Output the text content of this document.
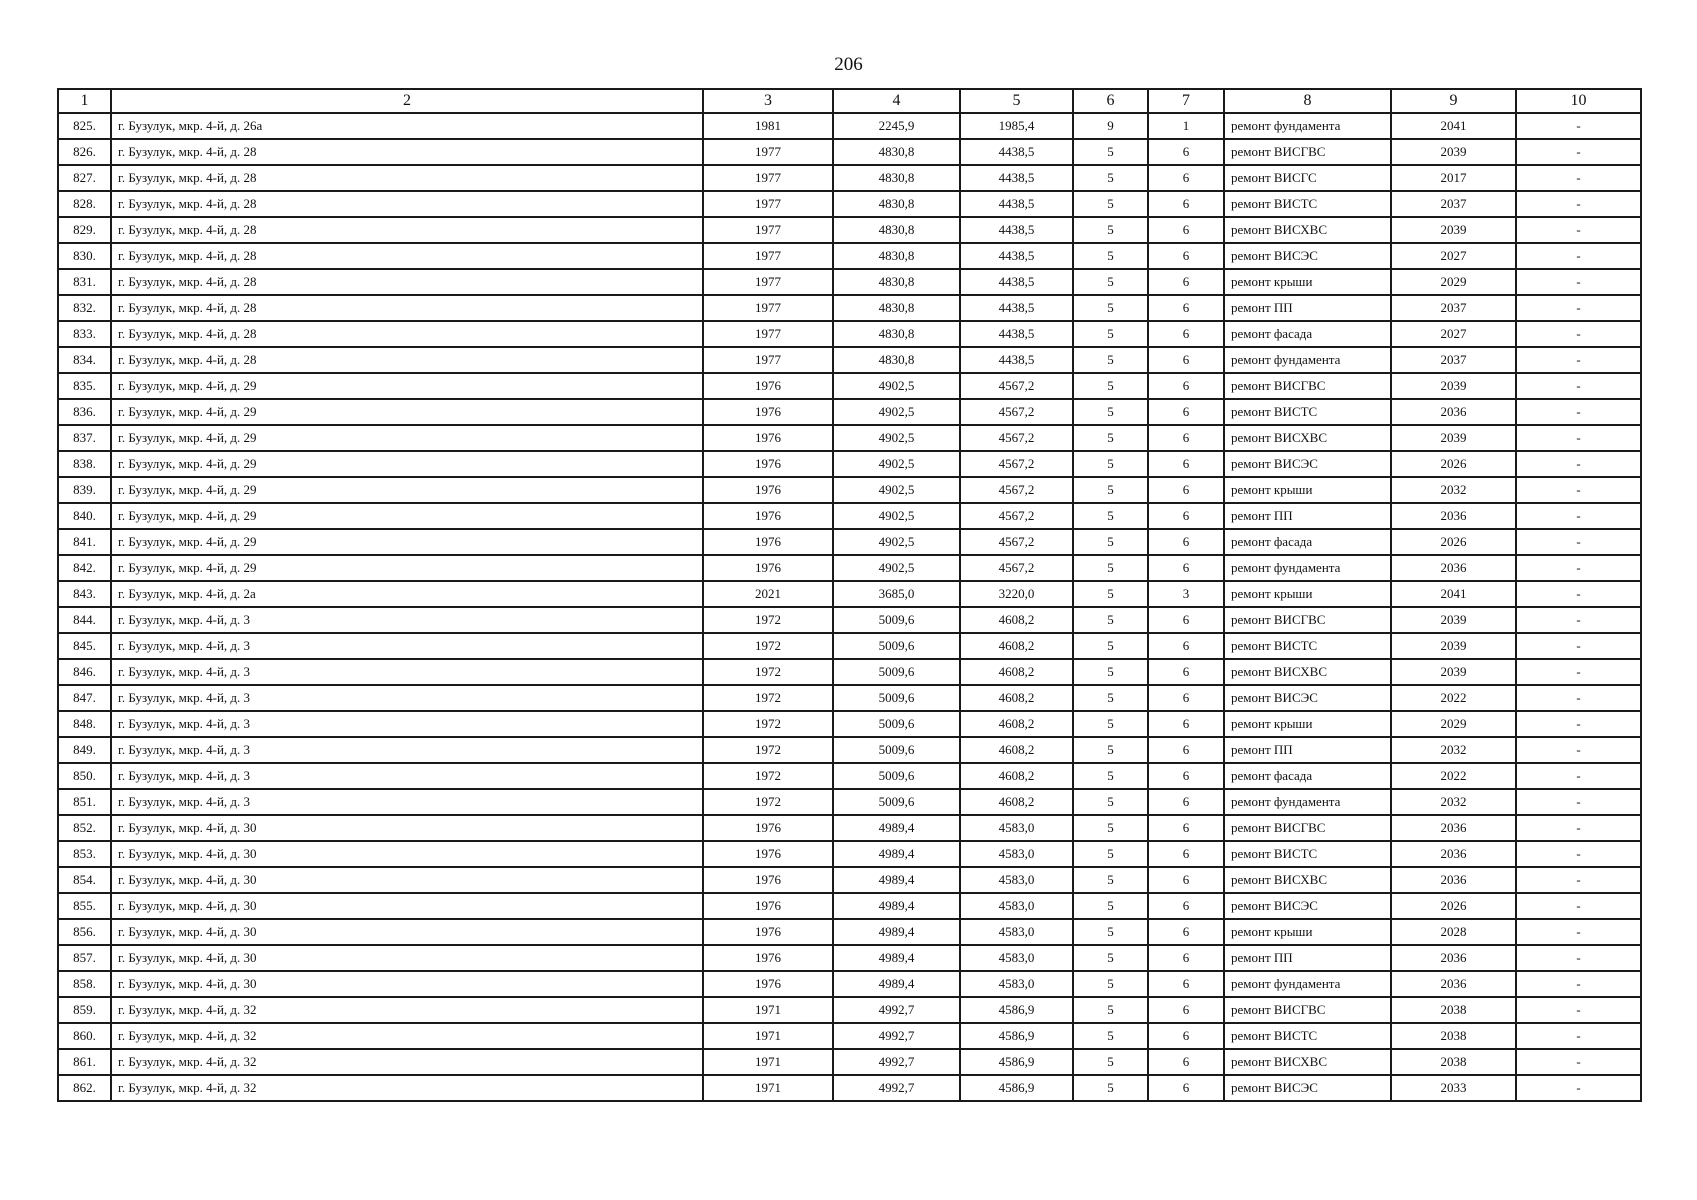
206
1	2	3	4	5	6	7	8	9	10
825.	г. Бузулук, мкр. 4-й, д. 26а	1981	2245,9	1985,4	9	1	ремонт фундамента	2041	-
826.	г. Бузулук, мкр. 4-й, д. 28	1977	4830,8	4438,5	5	6	ремонт ВИСГВС	2039	-
827.	г. Бузулук, мкр. 4-й, д. 28	1977	4830,8	4438,5	5	6	ремонт ВИСГС	2017	-
828.	г. Бузулук, мкр. 4-й, д. 28	1977	4830,8	4438,5	5	6	ремонт ВИСТС	2037	-
829.	г. Бузулук, мкр. 4-й, д. 28	1977	4830,8	4438,5	5	6	ремонт ВИСХВС	2039	-
830.	г. Бузулук, мкр. 4-й, д. 28	1977	4830,8	4438,5	5	6	ремонт ВИСЭС	2027	-
831.	г. Бузулук, мкр. 4-й, д. 28	1977	4830,8	4438,5	5	6	ремонт крыши	2029	-
832.	г. Бузулук, мкр. 4-й, д. 28	1977	4830,8	4438,5	5	6	ремонт ПП	2037	-
833.	г. Бузулук, мкр. 4-й, д. 28	1977	4830,8	4438,5	5	6	ремонт фасада	2027	-
834.	г. Бузулук, мкр. 4-й, д. 28	1977	4830,8	4438,5	5	6	ремонт фундамента	2037	-
835.	г. Бузулук, мкр. 4-й, д. 29	1976	4902,5	4567,2	5	6	ремонт ВИСГВС	2039	-
836.	г. Бузулук, мкр. 4-й, д. 29	1976	4902,5	4567,2	5	6	ремонт ВИСТС	2036	-
837.	г. Бузулук, мкр. 4-й, д. 29	1976	4902,5	4567,2	5	6	ремонт ВИСХВС	2039	-
838.	г. Бузулук, мкр. 4-й, д. 29	1976	4902,5	4567,2	5	6	ремонт ВИСЭС	2026	-
839.	г. Бузулук, мкр. 4-й, д. 29	1976	4902,5	4567,2	5	6	ремонт крыши	2032	-
840.	г. Бузулук, мкр. 4-й, д. 29	1976	4902,5	4567,2	5	6	ремонт ПП	2036	-
841.	г. Бузулук, мкр. 4-й, д. 29	1976	4902,5	4567,2	5	6	ремонт фасада	2026	-
842.	г. Бузулук, мкр. 4-й, д. 29	1976	4902,5	4567,2	5	6	ремонт фундамента	2036	-
843.	г. Бузулук, мкр. 4-й, д. 2а	2021	3685,0	3220,0	5	3	ремонт крыши	2041	-
844.	г. Бузулук, мкр. 4-й, д. 3	1972	5009,6	4608,2	5	6	ремонт ВИСГВС	2039	-
845.	г. Бузулук, мкр. 4-й, д. 3	1972	5009,6	4608,2	5	6	ремонт ВИСТС	2039	-
846.	г. Бузулук, мкр. 4-й, д. 3	1972	5009,6	4608,2	5	6	ремонт ВИСХВС	2039	-
847.	г. Бузулук, мкр. 4-й, д. 3	1972	5009,6	4608,2	5	6	ремонт ВИСЭС	2022	-
848.	г. Бузулук, мкр. 4-й, д. 3	1972	5009,6	4608,2	5	6	ремонт крыши	2029	-
849.	г. Бузулук, мкр. 4-й, д. 3	1972	5009,6	4608,2	5	6	ремонт ПП	2032	-
850.	г. Бузулук, мкр. 4-й, д. 3	1972	5009,6	4608,2	5	6	ремонт фасада	2022	-
851.	г. Бузулук, мкр. 4-й, д. 3	1972	5009,6	4608,2	5	6	ремонт фундамента	2032	-
852.	г. Бузулук, мкр. 4-й, д. 30	1976	4989,4	4583,0	5	6	ремонт ВИСГВС	2036	-
853.	г. Бузулук, мкр. 4-й, д. 30	1976	4989,4	4583,0	5	6	ремонт ВИСТС	2036	-
854.	г. Бузулук, мкр. 4-й, д. 30	1976	4989,4	4583,0	5	6	ремонт ВИСХВС	2036	-
855.	г. Бузулук, мкр. 4-й, д. 30	1976	4989,4	4583,0	5	6	ремонт ВИСЭС	2026	-
856.	г. Бузулук, мкр. 4-й, д. 30	1976	4989,4	4583,0	5	6	ремонт крыши	2028	-
857.	г. Бузулук, мкр. 4-й, д. 30	1976	4989,4	4583,0	5	6	ремонт ПП	2036	-
858.	г. Бузулук, мкр. 4-й, д. 30	1976	4989,4	4583,0	5	6	ремонт фундамента	2036	-
859.	г. Бузулук, мкр. 4-й, д. 32	1971	4992,7	4586,9	5	6	ремонт ВИСГВС	2038	-
860.	г. Бузулук, мкр. 4-й, д. 32	1971	4992,7	4586,9	5	6	ремонт ВИСТС	2038	-
861.	г. Бузулук, мкр. 4-й, д. 32	1971	4992,7	4586,9	5	6	ремонт ВИСХВС	2038	-
862.	г. Бузулук, мкр. 4-й, д. 32	1971	4992,7	4586,9	5	6	ремонт ВИСЭС	2033	-
